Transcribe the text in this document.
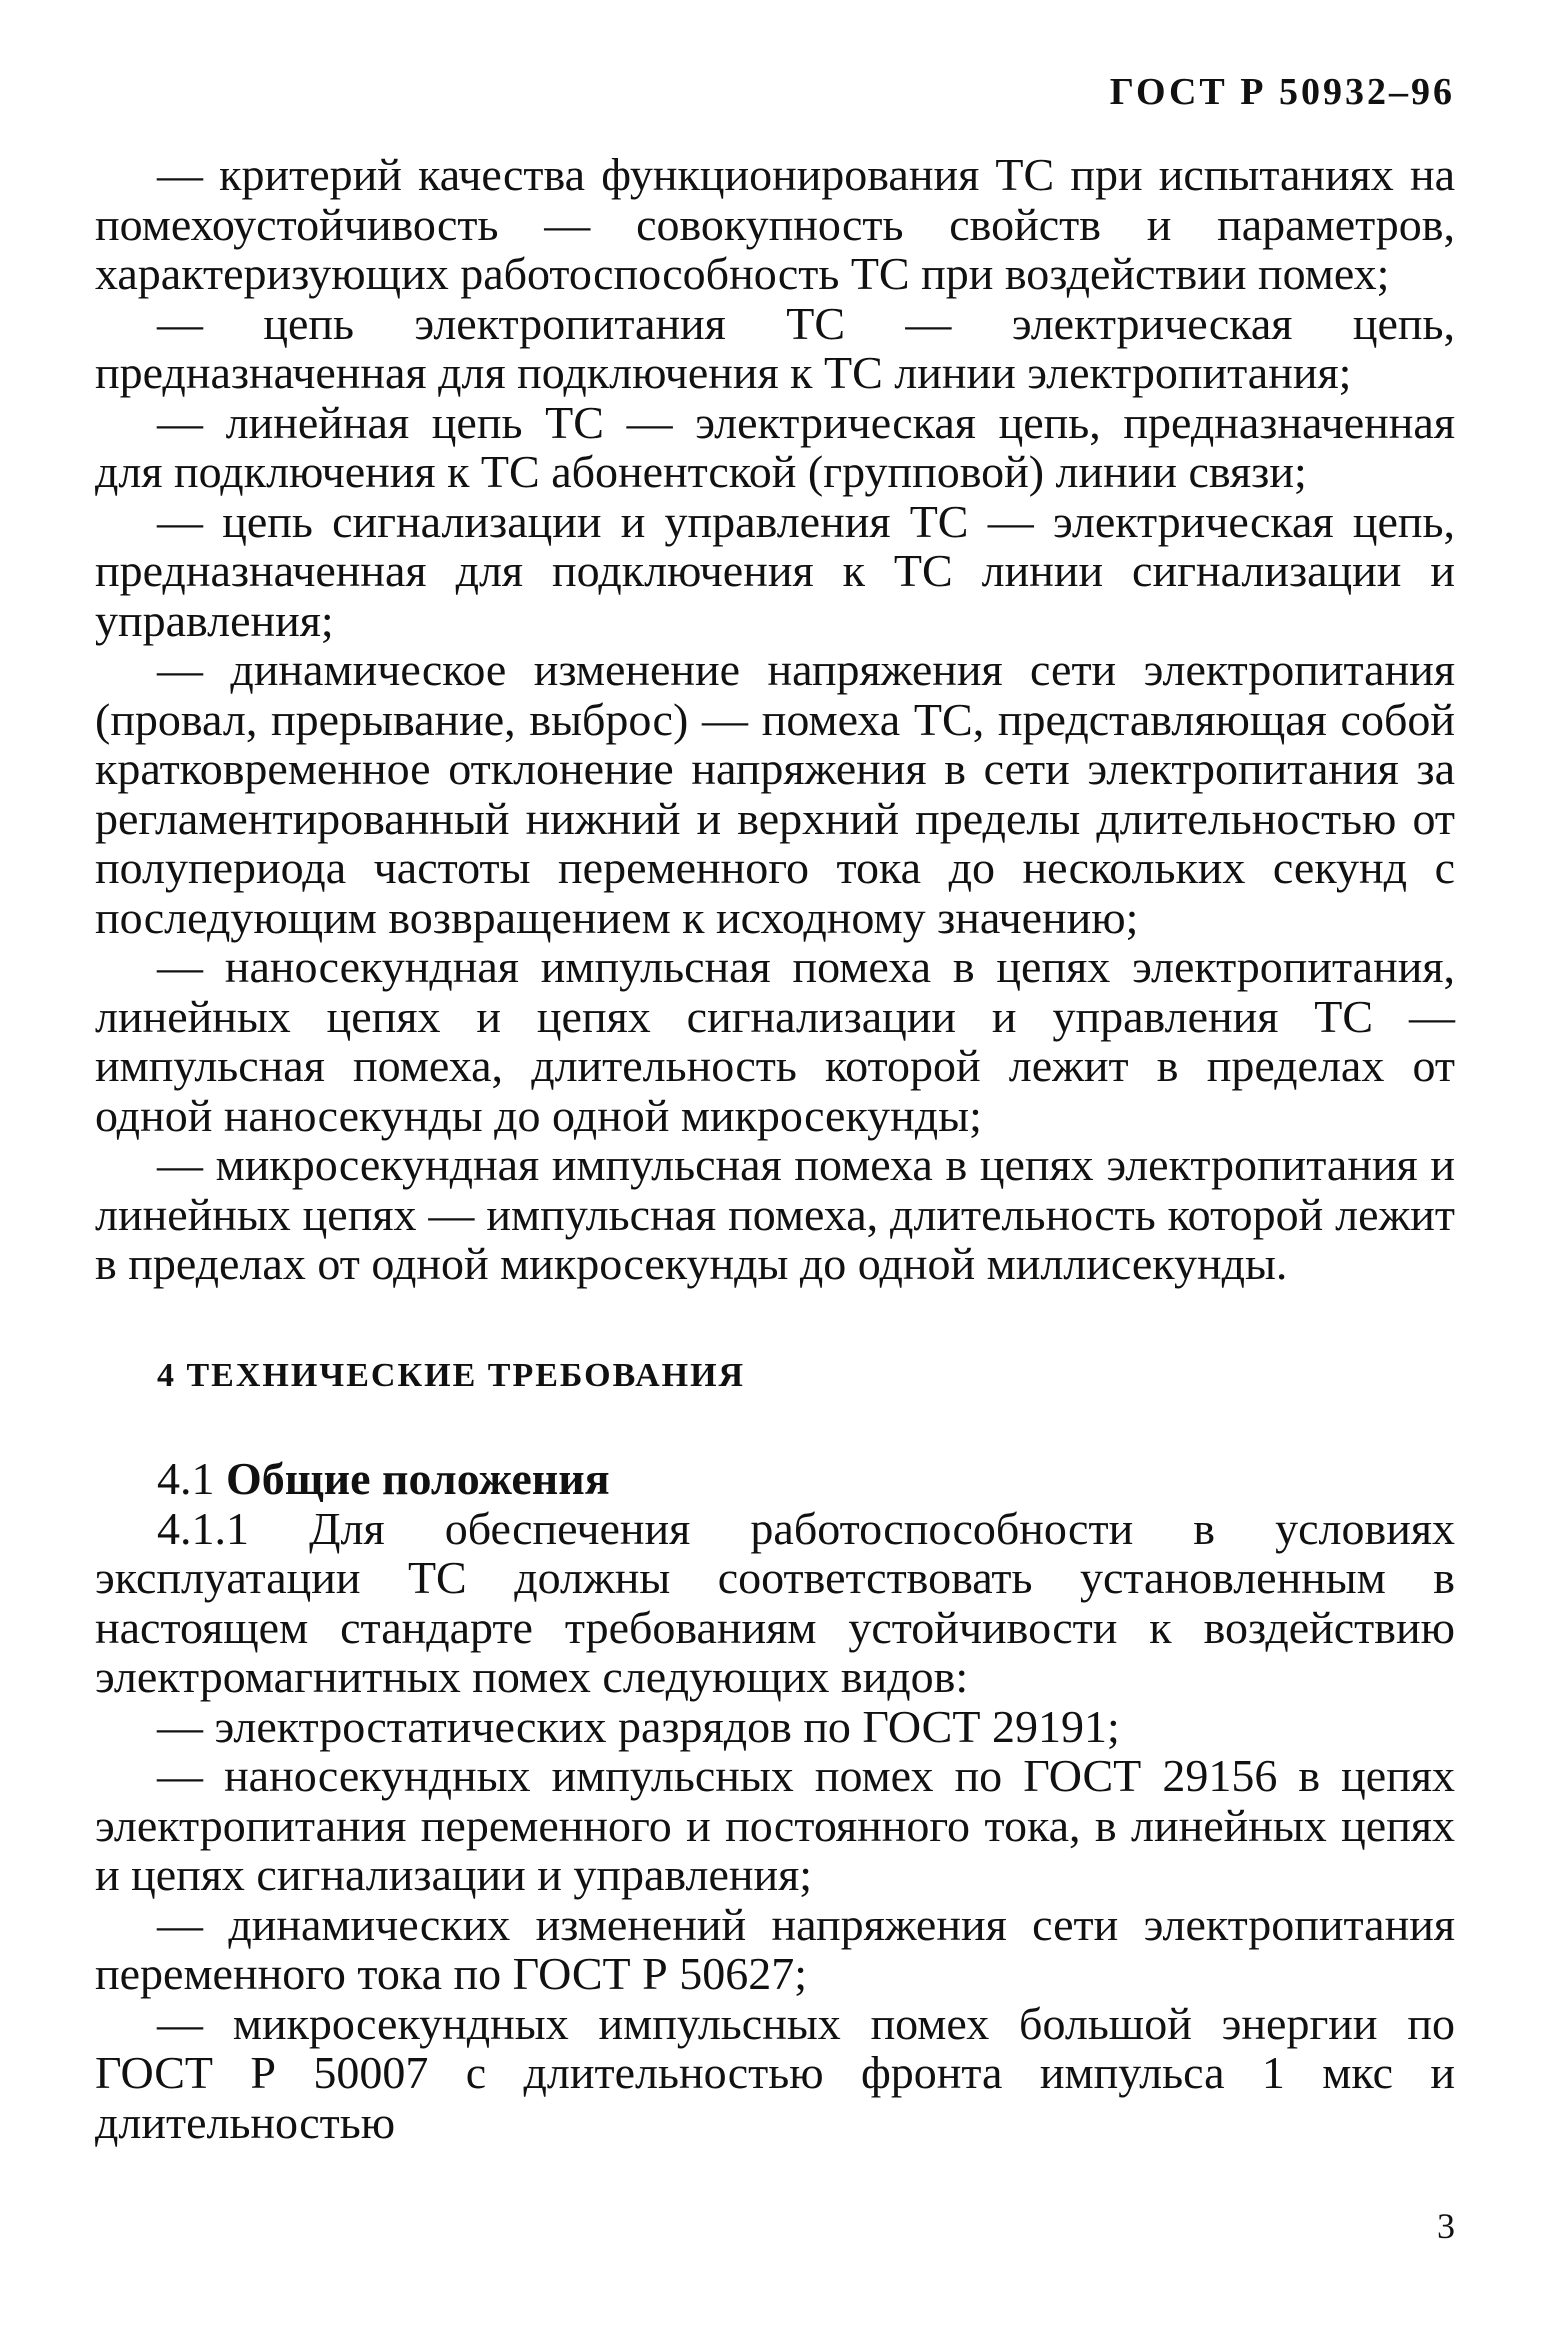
ГОСТ Р 50932–96

— критерий качества функционирования ТС при испытаниях на помехоустойчивость — совокупность свойств и параметров, характеризующих работоспособность ТС при воздействии помех;

— цепь электропитания ТС — электрическая цепь, предназначенная для подключения к ТС линии электропитания;

— линейная цепь ТС — электрическая цепь, предназначенная для подключения к ТС абонентской (групповой) линии связи;

— цепь сигнализации и управления ТС — электрическая цепь, предназначенная для подключения к ТС линии сигнализации и управления;

— динамическое изменение напряжения сети электропитания (провал, прерывание, выброс) — помеха ТС, представляющая собой кратковременное отклонение напряжения в сети электропитания за регламентированный нижний и верхний пределы длительностью от полупериода частоты переменного тока до нескольких секунд с последующим возвращением к исходному значению;

— наносекундная импульсная помеха в цепях электропитания, линейных цепях и цепях сигнализации и управления ТС — импульсная помеха, длительность которой лежит в пределах от одной наносекунды до одной микросекунды;

— микросекундная импульсная помеха в цепях электропитания и линейных цепях — импульсная помеха, длительность которой лежит в пределах от одной микросекунды до одной миллисекунды.

4 ТЕХНИЧЕСКИЕ ТРЕБОВАНИЯ

4.1 Общие положения

4.1.1 Для обеспечения работоспособности в условиях эксплуатации ТС должны соответствовать установленным в настоящем стандарте требованиям устойчивости к воздействию электромагнитных помех следующих видов:

— электростатических разрядов по ГОСТ 29191;

— наносекундных импульсных помех по ГОСТ 29156 в цепях электропитания переменного и постоянного тока, в линейных цепях и цепях сигнализации и управления;

— динамических изменений напряжения сети электропитания переменного тока по ГОСТ Р 50627;

— микросекундных импульсных помех большой энергии по ГОСТ Р 50007 с длительностью фронта импульса 1 мкс и длительностью

3
